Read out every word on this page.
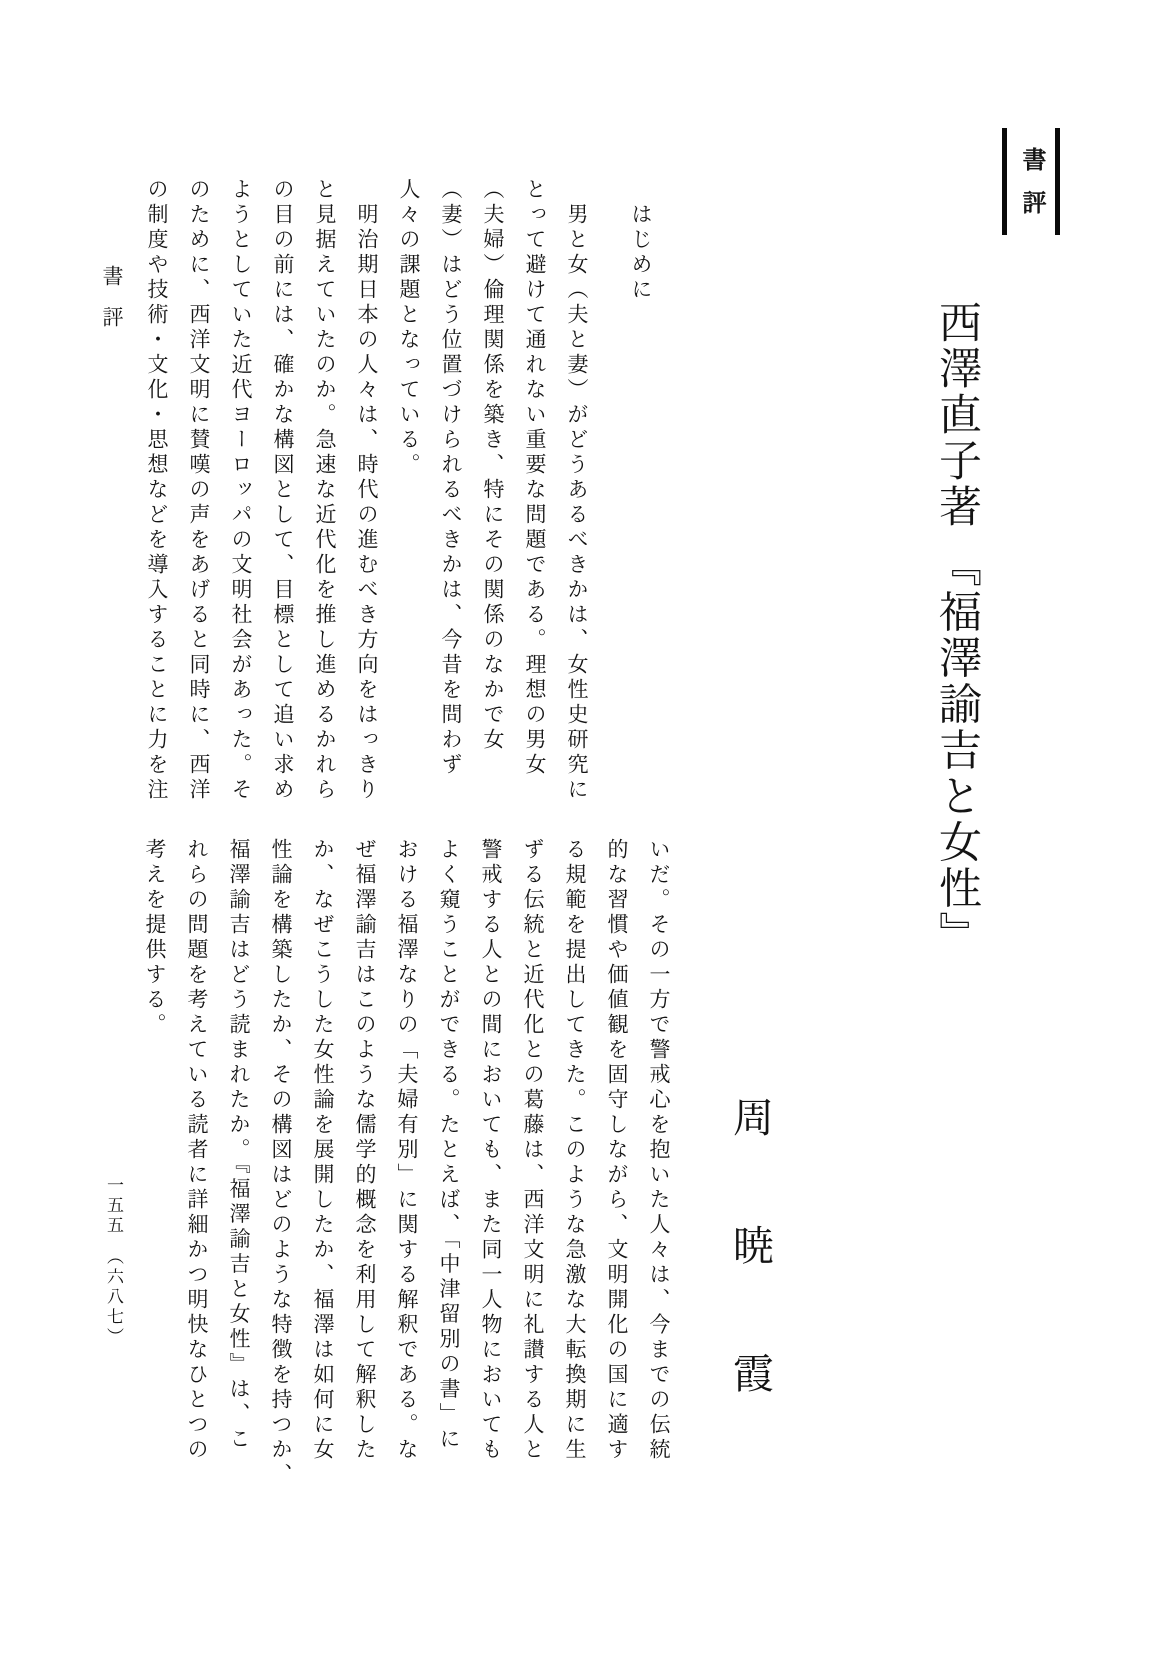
書評
西澤直子著 『福澤諭吉と女性』
周　暁　霞
はじめに
男と女（夫と妻）がどうあるべきかは、女性史研究に
とって避けて通れない重要な問題である。理想の男女
（夫婦）倫理関係を築き、特にその関係のなかで女
（妻）はどう位置づけられるべきかは、今昔を問わず
人々の課題となっている。
明治期日本の人々は、時代の進むべき方向をはっきり
と見据えていたのか。急速な近代化を推し進めるかれら
の目の前には、確かな構図として、目標として追い求め
ようとしていた近代ヨーロッパの文明社会があった。そ
のために、西洋文明に賛嘆の声をあげると同時に、西洋
の制度や技術・文化・思想などを導入することに力を注
いだ。その一方で警戒心を抱いた人々は、今までの伝統
的な習慣や価値観を固守しながら、文明開化の国に適す
る規範を提出してきた。このような急激な大転換期に生
ずる伝統と近代化との葛藤は、西洋文明に礼讃する人と
警戒する人との間においても、また同一人物においても
よく窺うことができる。たとえば、「中津留別の書」に
おける福澤なりの「夫婦有別」に関する解釈である。な
ぜ福澤諭吉はこのような儒学的概念を利用して解釈した
か、なぜこうした女性論を展開したか、福澤は如何に女
性論を構築したか、その構図はどのような特徴を持つか、
福澤諭吉はどう読まれたか。『福澤諭吉と女性』は、こ
れらの問題を考えている読者に詳細かつ明快なひとつの
考えを提供する。
書評
一五五　（六八七）
